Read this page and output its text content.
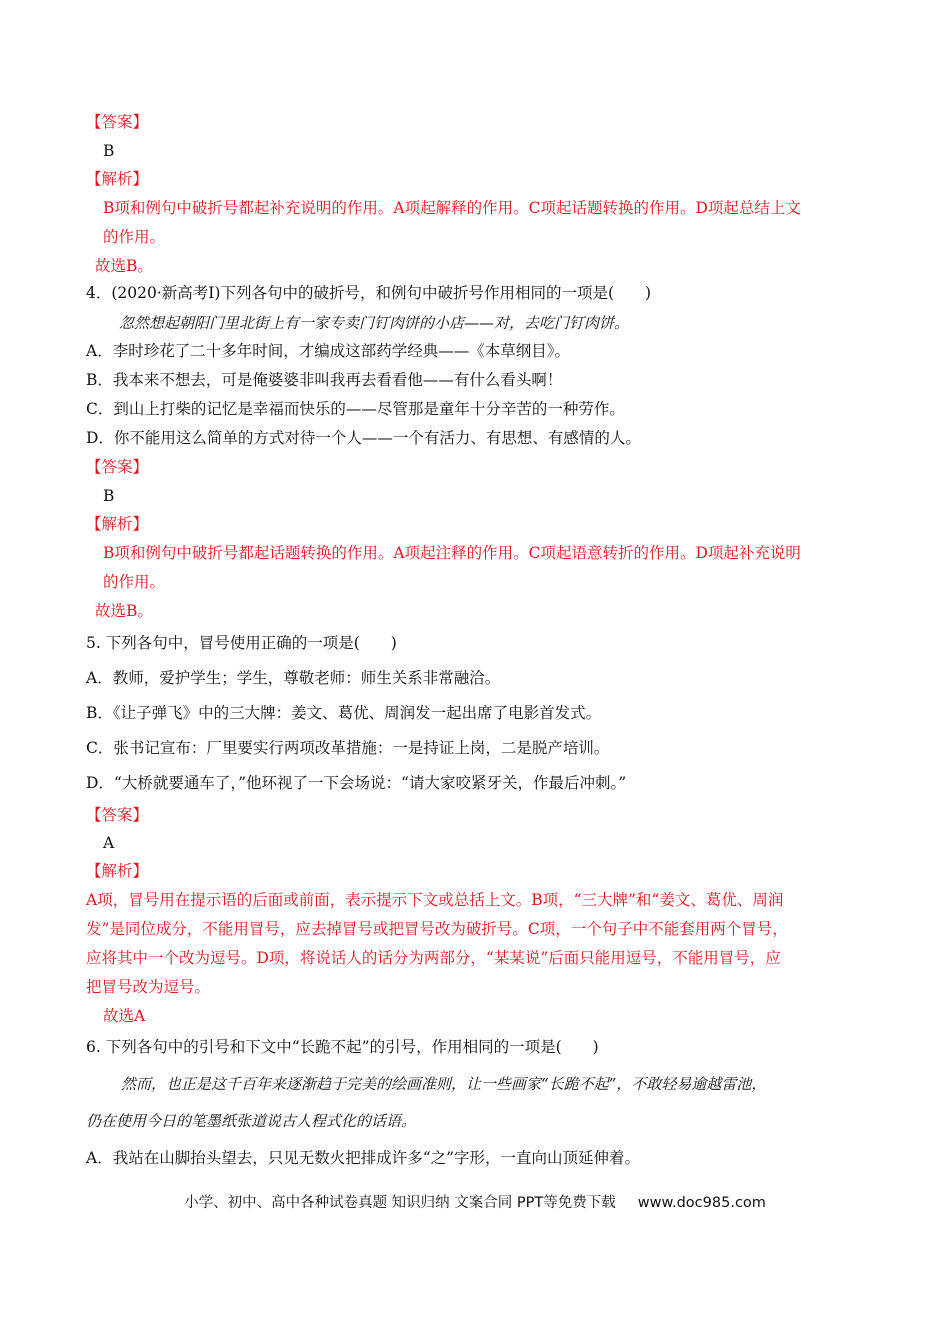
【答案】
B
【解析】
B项和例句中破折号都起补充说明的作用。A项起解释的作用。C项起话题转换的作用。D项起总结上文
的作用。
故选B。
4．(2020·新高考Ⅰ)下列各句中的破折号，和例句中破折号作用相同的一项是(　　)
忽然想起朝阳门里北街上有一家专卖门钉肉饼的小店——对，去吃门钉肉饼。
A．李时珍花了二十多年时间，才编成这部药学经典——《本草纲目》。
B．我本来不想去，可是俺婆婆非叫我再去看看他——有什么看头啊！
C．到山上打柴的记忆是幸福而快乐的——尽管那是童年十分辛苦的一种劳作。
D．你不能用这么简单的方式对待一个人——一个有活力、有思想、有感情的人。
【答案】
B
【解析】
B项和例句中破折号都起话题转换的作用。A项起注释的作用。C项起语意转折的作用。D项起补充说明
的作用。
故选B。
5. 下列各句中，冒号使用正确的一项是(　　)
A．教师，爱护学生；学生，尊敬老师：师生关系非常融洽。
B．《让子弹飞》中的三大牌：姜文、葛优、周润发一起出席了电影首发式。
C．张书记宣布：厂里要实行两项改革措施：一是持证上岗，二是脱产培训。
D．“大桥就要通车了，”他环视了一下会场说：“请大家咬紧牙关，作最后冲刺。”
【答案】
A
【解析】
A项，冒号用在提示语的后面或前面，表示提示下文或总括上文。B项，“三大牌”和“姜文、葛优、周润
发”是同位成分，不能用冒号，应去掉冒号或把冒号改为破折号。C项，一个句子中不能套用两个冒号，
应将其中一个改为逗号。D项，将说话人的话分为两部分，“某某说”后面只能用逗号，不能用冒号，应
把冒号改为逗号。
故选A
6. 下列各句中的引号和下文中“长跪不起”的引号，作用相同的一项是(　　)
然而，也正是这千百年来逐渐趋于完美的绘画准则，让一些画家“长跪不起”，不敢轻易逾越雷池，
仍在使用今日的笔墨纸张道说古人程式化的话语。
A．我站在山脚抬头望去，只见无数火把排成许多“之”字形，一直向山顶延伸着。
小学、初中、高中各种试卷真题 知识归纳 文案合同 PPT等免费下载 www.doc985.com
